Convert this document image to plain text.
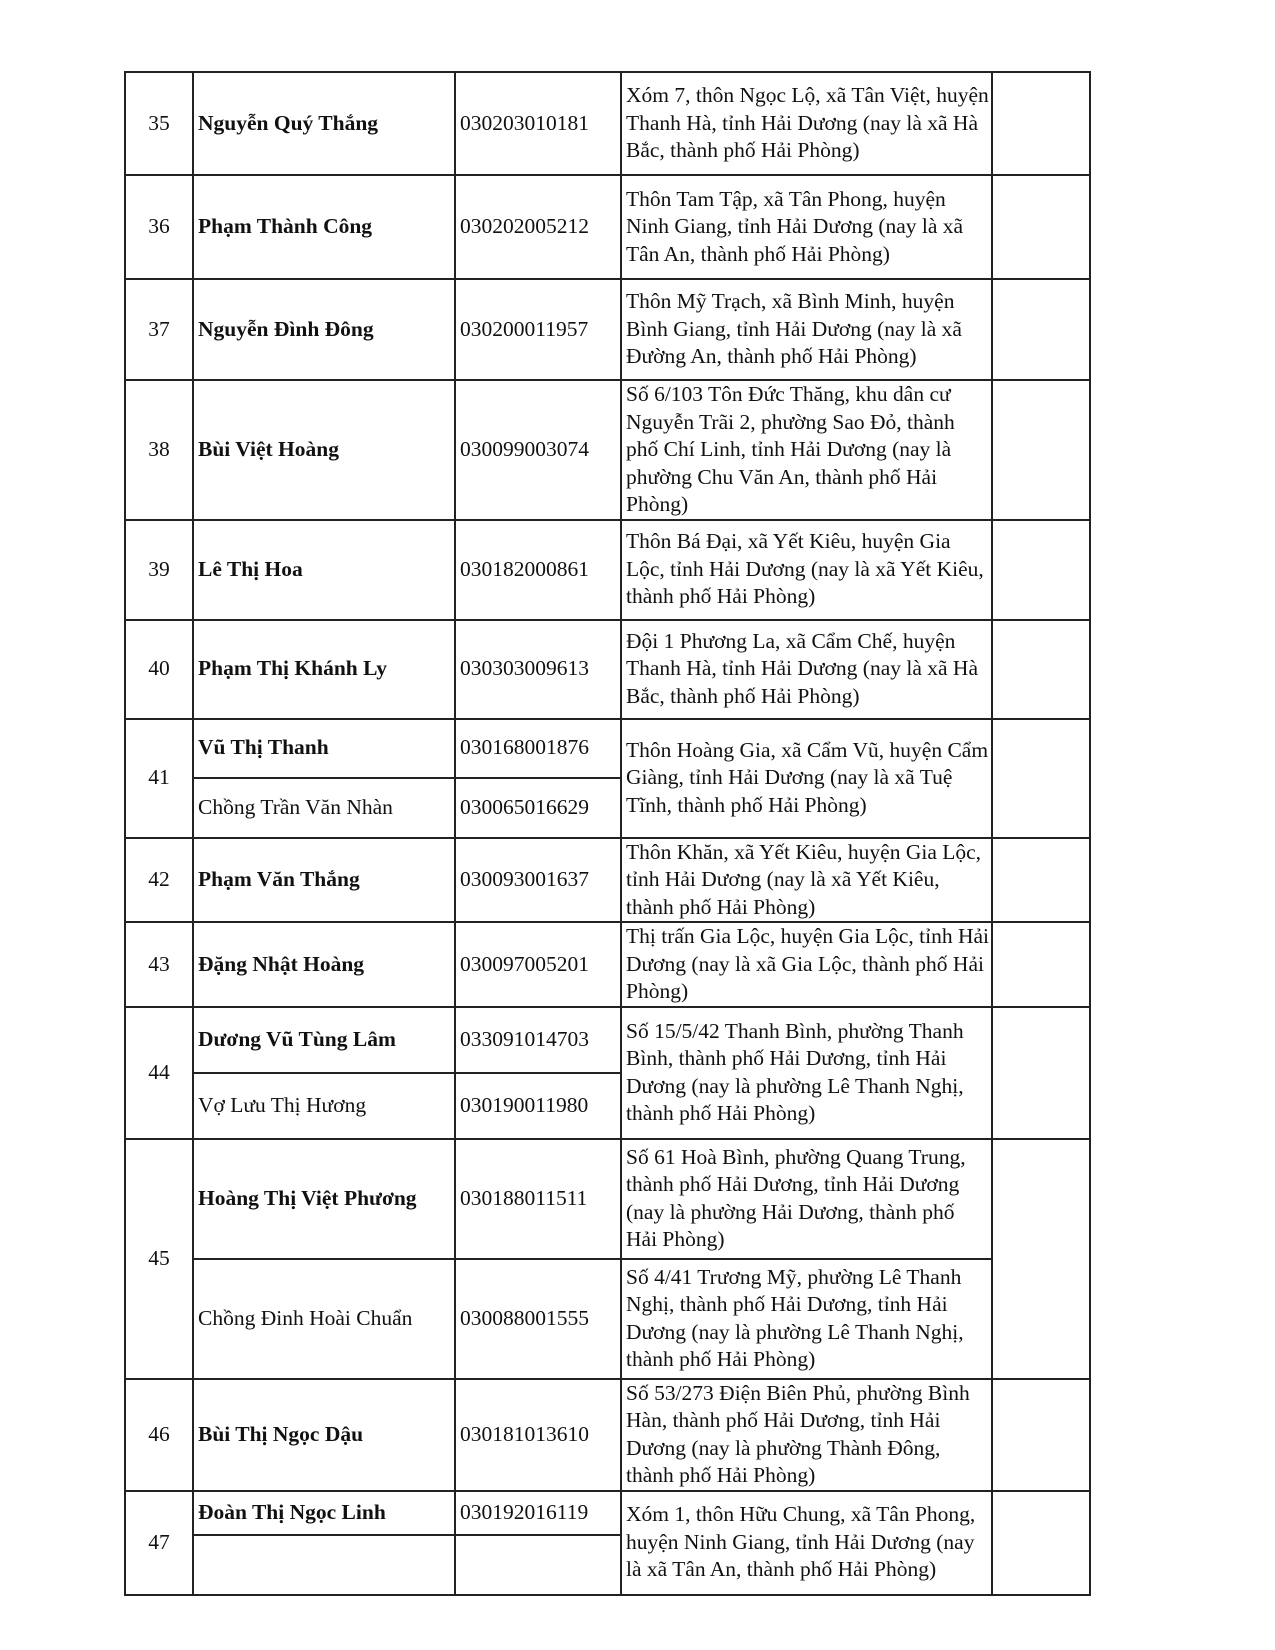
35	Nguyễn Quý Thắng	030203010181	Xóm 7, thôn Ngọc Lộ, xã Tân Việt, huyện Thanh Hà, tỉnh Hải Dương (nay là xã Hà Bắc, thành phố Hải Phòng)	
36	Phạm Thành Công	030202005212	Thôn Tam Tập, xã Tân Phong, huyện Ninh Giang, tỉnh Hải Dương (nay là xã Tân An, thành phố Hải Phòng)	
37	Nguyễn Đình Đông	030200011957	Thôn Mỹ Trạch, xã Bình Minh, huyện Bình Giang, tỉnh Hải Dương (nay là xã Đường An, thành phố Hải Phòng)	
38	Bùi Việt Hoàng	030099003074	Số 6/103 Tôn Đức Thăng, khu dân cư Nguyễn Trãi 2, phường Sao Đỏ, thành phố Chí Linh, tỉnh Hải Dương (nay là phường Chu Văn An, thành phố Hải Phòng)	
39	Lê Thị Hoa	030182000861	Thôn Bá Đại, xã Yết Kiêu, huyện Gia Lộc, tỉnh Hải Dương (nay là xã Yết Kiêu, thành phố Hải Phòng)	
40	Phạm Thị Khánh Ly	030303009613	Đội 1 Phương La, xã Cẩm Chế, huyện Thanh Hà, tỉnh Hải Dương (nay là xã Hà Bắc, thành phố Hải Phòng)	
41	Vũ Thị Thanh	030168001876	Thôn Hoàng Gia, xã Cẩm Vũ, huyện Cẩm Giàng, tỉnh Hải Dương (nay là xã Tuệ Tĩnh, thành phố Hải Phòng)	
	Chồng Trần Văn Nhàn	030065016629		
42	Phạm Văn Thắng	030093001637	Thôn Khăn, xã Yết Kiêu, huyện Gia Lộc, tỉnh Hải Dương (nay là xã Yết Kiêu, thành phố Hải Phòng)	
43	Đặng Nhật Hoàng	030097005201	Thị trấn Gia Lộc, huyện Gia Lộc, tỉnh Hải Dương (nay là xã Gia Lộc, thành phố Hải Phòng)	
44	Dương Vũ Tùng Lâm	033091014703	Số 15/5/42 Thanh Bình, phường Thanh Bình, thành phố Hải Dương, tỉnh Hải Dương (nay là phường Lê Thanh Nghị, thành phố Hải Phòng)	
	Vợ Lưu Thị Hương	030190011980		
45	Hoàng Thị Việt Phương	030188011511	Số 61 Hoà Bình, phường Quang Trung, thành phố Hải Dương, tỉnh Hải Dương (nay là phường Hải Dương, thành phố Hải Phòng)	
	Chồng Đinh Hoài Chuẩn	030088001555	Số 4/41 Trương Mỹ, phường Lê Thanh Nghị, thành phố Hải Dương, tỉnh Hải Dương (nay là phường Lê Thanh Nghị, thành phố Hải Phòng)	
46	Bùi Thị Ngọc Dậu	030181013610	Số 53/273 Điện Biên Phủ, phường Bình Hàn, thành phố Hải Dương, tỉnh Hải Dương (nay là phường Thành Đông, thành phố Hải Phòng)	
47	Đoàn Thị Ngọc Linh	030192016119	Xóm 1, thôn Hữu Chung, xã Tân Phong, huyện Ninh Giang, tỉnh Hải Dương (nay là xã Tân An, thành phố Hải Phòng)	
